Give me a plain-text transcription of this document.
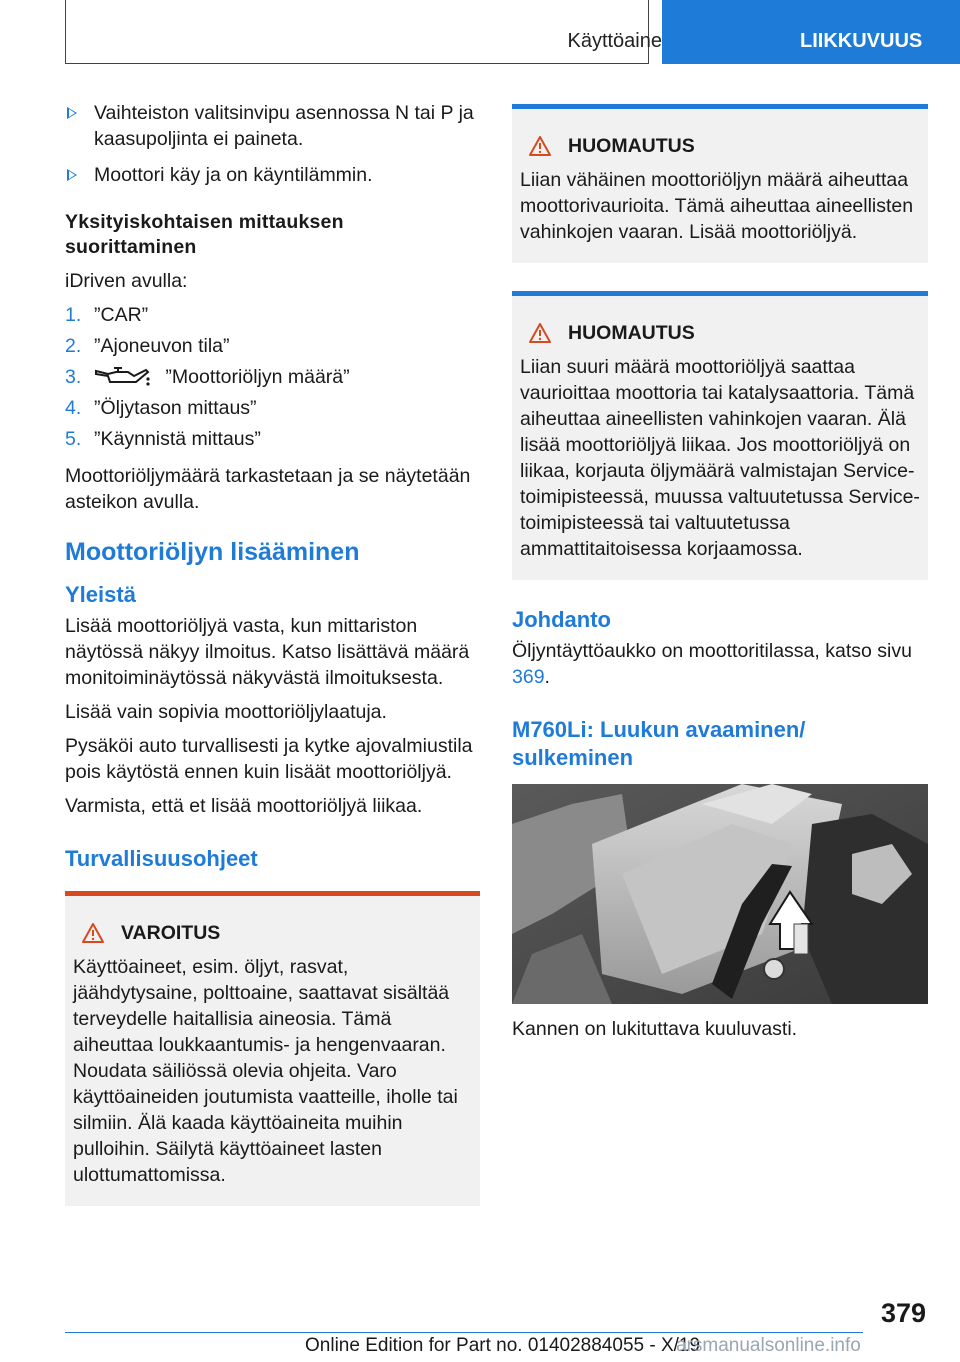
Käyttöaine	LIIKKUVUUS
Vaihteiston valitsinvipu asennossa N tai P ja kaasupoljinta ei paineta.
Moottori käy ja on käyntilämmin.
Yksityiskohtaisen mittauksen suorittaminen

iDriven avulla:

1. ”CAR”
2. ”Ajoneuvon tila”
3.	”Moottoriöljyn määrä”
4. ”Öljytason mittaus”
5. ”Käynnistä mittaus”

Moottoriöljymäärä tarkastetaan ja se näytetään asteikon avulla.

Moottoriöljyn lisääminen
Yleistä

Lisää moottoriöljyä vasta, kun mittariston näytössä näkyy ilmoitus. Katso lisättävä määrä monitoiminäytössä näkyvästä ilmoituksesta.

Lisää vain sopivia moottoriöljylaatuja.

Pysäköi auto turvallisesti ja kytke ajovalmiustila pois käytöstä ennen kuin lisäät moottoriöljyä.

Varmista, että et lisää moottoriöljyä liikaa.

Turvallisuusohjeet
VAROITUS
Käyttöaineet, esim. öljyt, rasvat, jäähdytysaine, polttoaine, saattavat sisältää terveydelle haitallisia aineosia. Tämä aiheuttaa loukkaantumis- ja hengenvaaran. Noudata säiliössä olevia ohjeita. Varo käyttöaineiden joutumista vaatteille, iholle tai silmiin. Älä kaada käyttöaineita muihin pulloihin. Säilytä käyttöaineet lasten ulottumattomissa.
HUOMAUTUS
Liian vähäinen moottoriöljyn määrä aiheuttaa moottorivaurioita. Tämä aiheuttaa aineellisten vahinkojen vaaran. Lisää moottoriöljyä.
HUOMAUTUS
Liian suuri määrä moottoriöljyä saattaa vaurioittaa moottoria tai katalysaattoria. Tämä aiheuttaa aineellisten vahinkojen vaaran. Älä lisää moottoriöljyä liikaa. Jos moottoriöljyä on liikaa, korjauta öljymäärä valmistajan Service-toimipisteessä, muussa valtuutetussa Service-toimipisteessä tai valtuutetussa ammattitaitoisessa korjaamossa.
Johdanto

Öljyntäyttöaukko on moottoritilassa, katso sivu 369.

M760Li: Luukun avaaminen/ sulkeminen

Kannen on lukituttava kuuluvasti.

379
Online Edition for Part no. 01402884055 - X/19
arsmanualsonline.info
